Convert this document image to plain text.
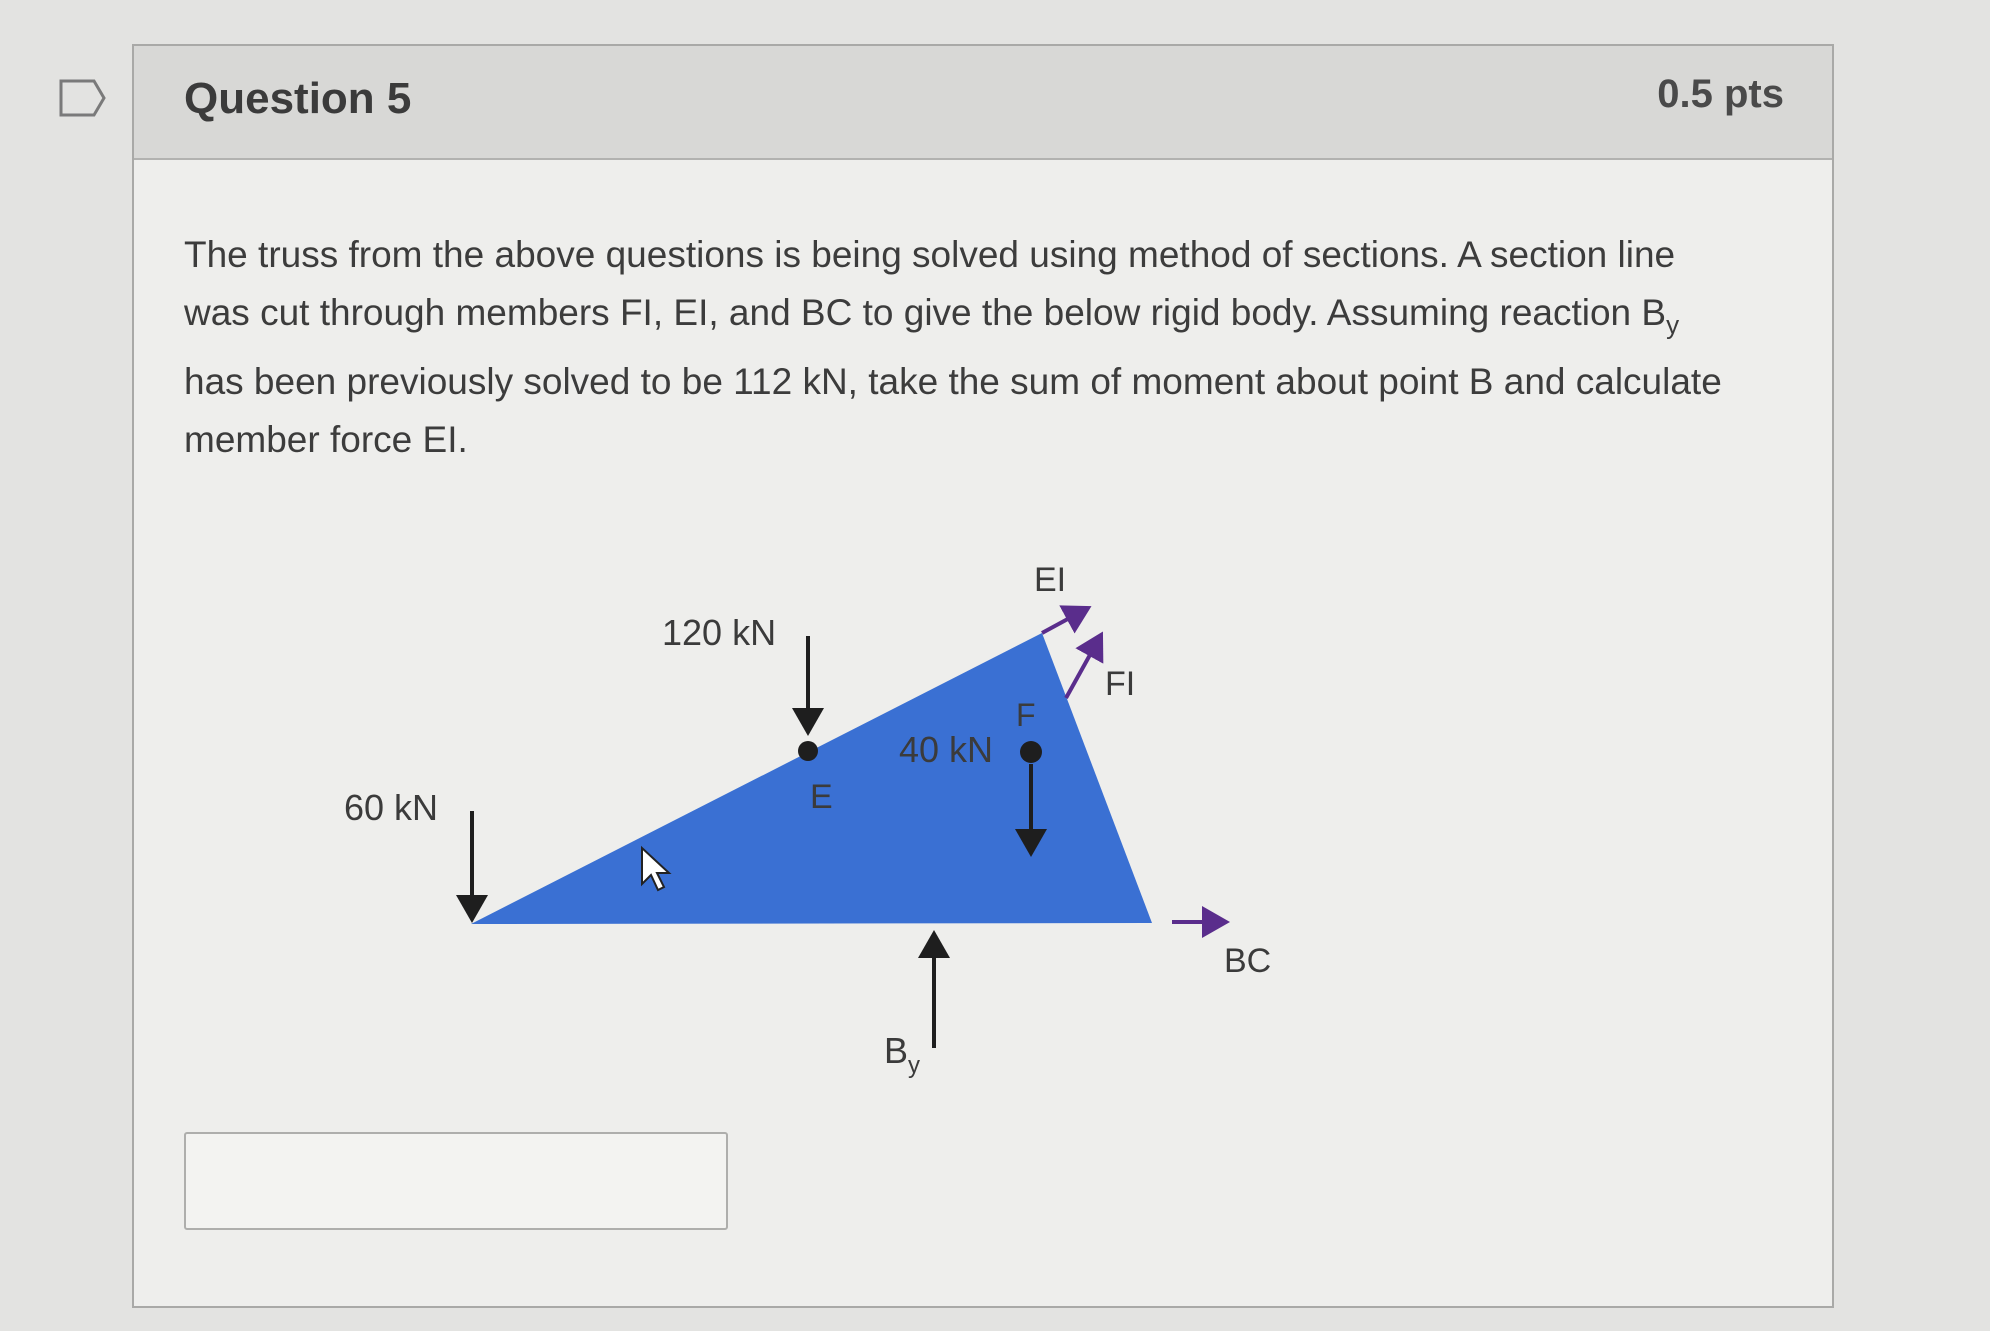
Question 5	0.5 pts
The truss from the above questions is being solved using method of sections. A section line was cut through members FI, EI, and BC to give the below rigid body. Assuming reaction $B_y$ has been previously solved to be 112 kN, take the sum of moment about point B and calculate member force EI.
60 kN
120 kN
E
40 kN
F
EI
FI
BC
$B_y$
